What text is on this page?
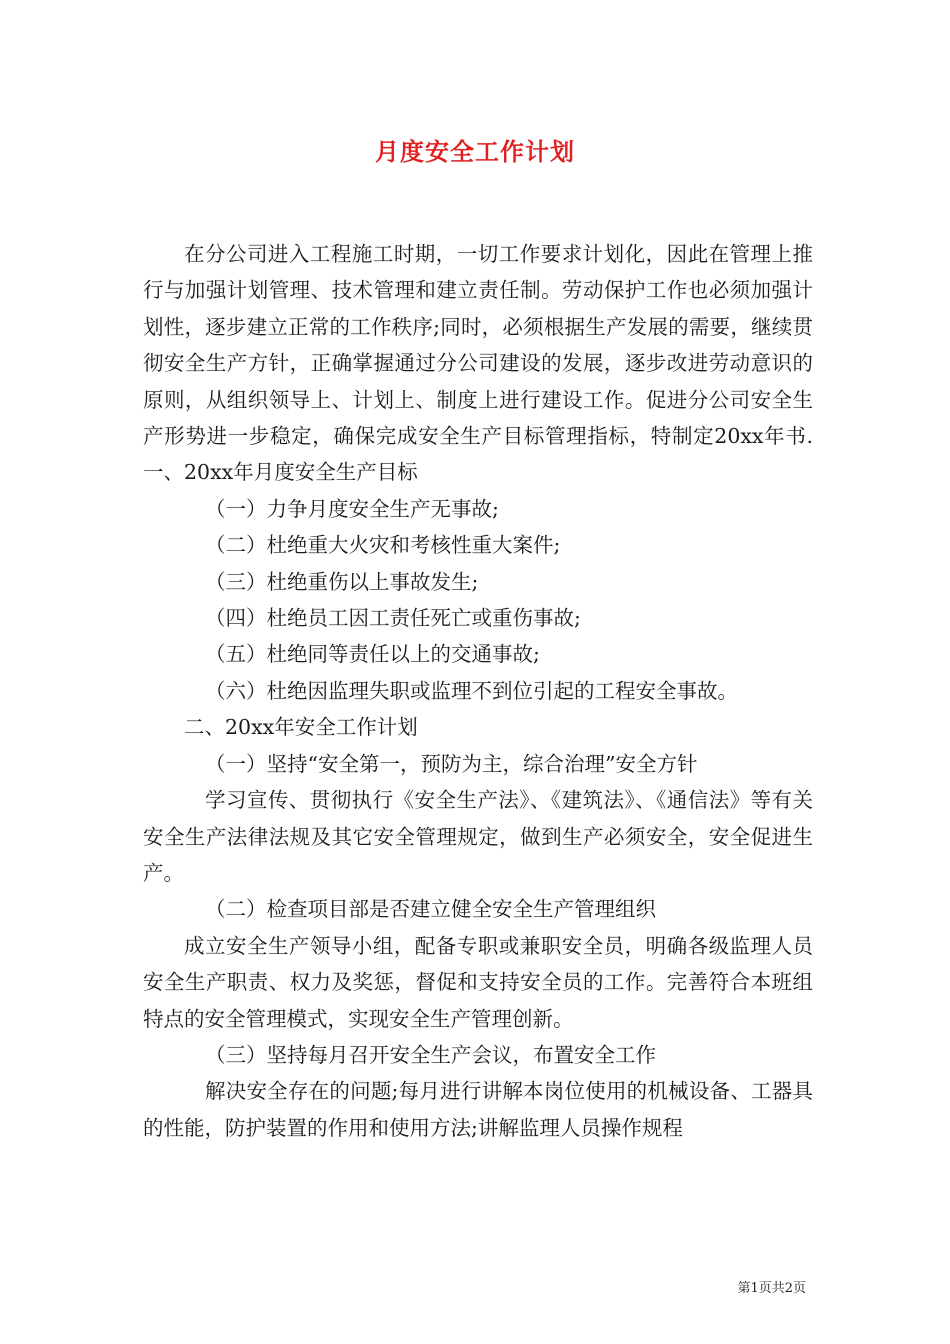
月度安全工作计划

在分公司进入工程施工时期，一切工作要求计划化，因此在管理上推行与加强计划管理、技术管理和建立责任制。劳动保护工作也必须加强计划性，逐步建立正常的工作秩序;同时，必须根据生产发展的需要，继续贯彻安全生产方针，正确掌握通过分公司建设的发展，逐步改进劳动意识的原则，从组织领导上、计划上、制度上进行建设工作。促进分公司安全生产形势进一步稳定，确保完成安全生产目标管理指标，特制定20xx年书.一、20xx年月度安全生产目标

（一）力争月度安全生产无事故;

（二）杜绝重大火灾和考核性重大案件;

（三）杜绝重伤以上事故发生;

（四）杜绝员工因工责任死亡或重伤事故;

（五）杜绝同等责任以上的交通事故;

（六）杜绝因监理失职或监理不到位引起的工程安全事故。

二、20xx年安全工作计划

（一）坚持“安全第一，预防为主，综合治理”安全方针

学习宣传、贯彻执行《安全生产法》、《建筑法》、《通信法》等有关安全生产法律法规及其它安全管理规定，做到生产必须安全，安全促进生产。

（二）检查项目部是否建立健全安全生产管理组织

成立安全生产领导小组，配备专职或兼职安全员，明确各级监理人员安全生产职责、权力及奖惩，督促和支持安全员的工作。完善符合本班组特点的安全管理模式，实现安全生产管理创新。

（三）坚持每月召开安全生产会议，布置安全工作

解决安全存在的问题;每月进行讲解本岗位使用的机械设备、工器具的性能，防护装置的作用和使用方法;讲解监理人员操作规程

第1页共2页
